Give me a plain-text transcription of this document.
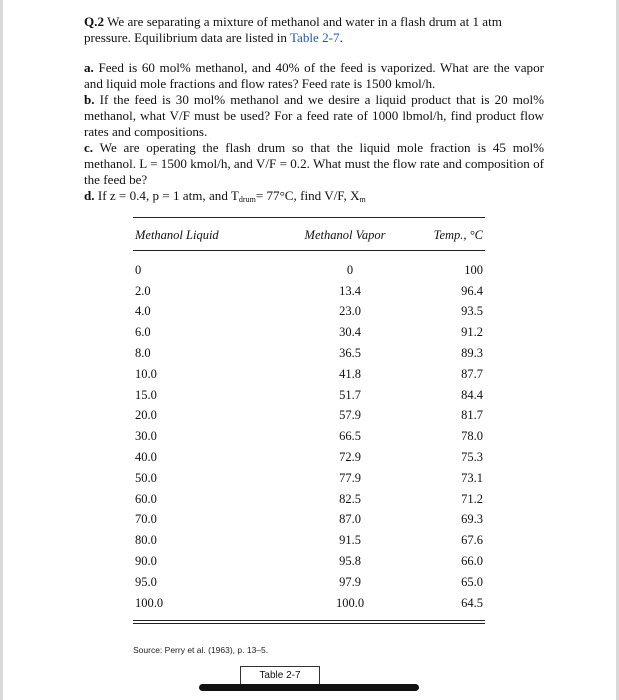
Q.2 We are separating a mixture of methanol and water in a flash drum at 1 atm pressure. Equilibrium data are listed in Table 2-7.

a. Feed is 60 mol% methanol, and 40% of the feed is vaporized. What are the vapor and liquid mole fractions and flow rates? Feed rate is 1500 kmol/h.

b. If the feed is 30 mol% methanol and we desire a liquid product that is 20 mol% methanol, what V/F must be used? For a feed rate of 1000 lbmol/h, find product flow rates and compositions.

c. We are operating the flash drum so that the liquid mole fraction is 45 mol% methanol. L = 1500 kmol/h, and V/F = 0.2. What must the flow rate and composition of the feed be?

d. If z = 0.4, p = 1 atm, and $T_{drum}= 77^\circ C$, find V/F, $X_m$

Methanol Liquid	Methanol Vapor	Temp., °C
0	0	100
2.0	13.4	96.4
4.0	23.0	93.5
6.0	30.4	91.2
8.0	36.5	89.3
10.0	41.8	87.7
15.0	51.7	84.4
20.0	57.9	81.7
30.0	66.5	78.0
40.0	72.9	75.3
50.0	77.9	73.1
60.0	82.5	71.2
70.0	87.0	69.3
80.0	91.5	67.6
90.0	95.8	66.0
95.0	97.9	65.0
100.0	100.0	64.5
Source: Perry et al. (1963), p. 13–5.
Table 2-7
